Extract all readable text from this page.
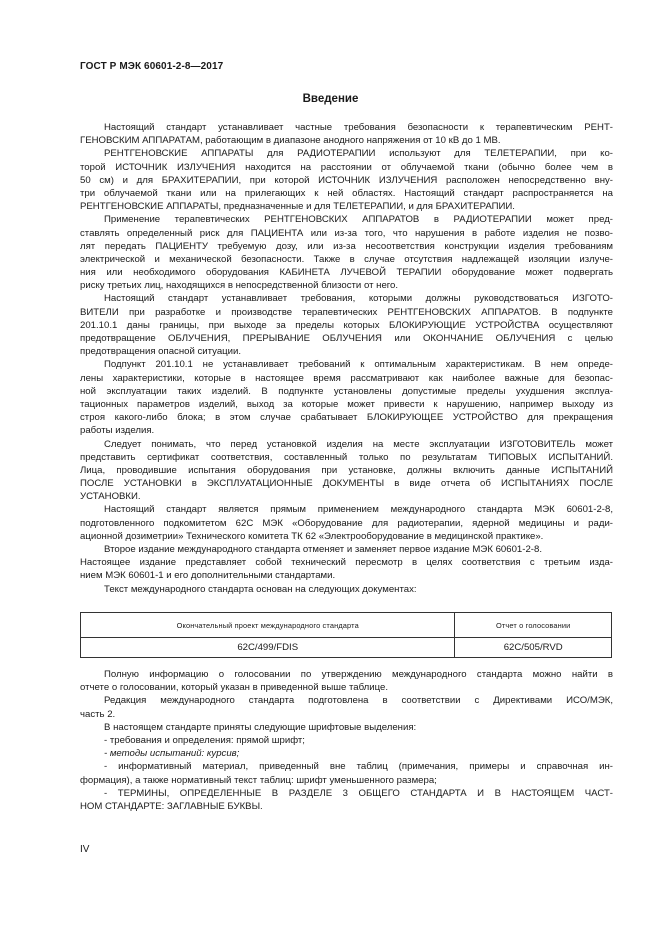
ГОСТ Р МЭК 60601-2-8—2017
Введение
Настоящий стандарт устанавливает частные требования безопасности к терапевтическим РЕНТ-
ГЕНОВСКИМ АППАРАТАМ, работающим в диапазоне анодного напряжения от 10 кВ до 1 МВ.
РЕНТГЕНОВСКИЕ АППАРАТЫ для РАДИОТЕРАПИИ используют для ТЕЛЕТЕРАПИИ, при ко-
торой ИСТОЧНИК ИЗЛУЧЕНИЯ находится на расстоянии от облучаемой ткани (обычно более чем в
50 см) и для БРАХИТЕРАПИИ, при которой ИСТОЧНИК ИЗЛУЧЕНИЯ расположен непосредственно вну-
три облучаемой ткани или на прилегающих к ней областях. Настоящий стандарт распространяется на
РЕНТГЕНОВСКИЕ АППАРАТЫ, предназначенные и для ТЕЛЕТЕРАПИИ, и для БРАХИТЕРАПИИ.
Применение терапевтических РЕНТГЕНОВСКИХ АППАРАТОВ в РАДИОТЕРАПИИ может пред-
ставлять определенный риск для ПАЦИЕНТА или из-за того, что нарушения в работе изделия не позво-
лят передать ПАЦИЕНТУ требуемую дозу, или из-за несоответствия конструкции изделия требованиям
электрической и механической безопасности. Также в случае отсутствия надлежащей изоляции излуче-
ния или необходимого оборудования КАБИНЕТА ЛУЧЕВОЙ ТЕРАПИИ оборудование может подвергать
риску третьих лиц, находящихся в непосредственной близости от него.
Настоящий стандарт устанавливает требования, которыми должны руководствоваться ИЗГОТО-
ВИТЕЛИ при разработке и производстве терапевтических РЕНТГЕНОВСКИХ АППАРАТОВ. В подпункте
201.10.1 даны границы, при выходе за пределы которых БЛОКИРУЮЩИЕ УСТРОЙСТВА осуществляют
предотвращение ОБЛУЧЕНИЯ, ПРЕРЫВАНИЕ ОБЛУЧЕНИЯ или ОКОНЧАНИЕ ОБЛУЧЕНИЯ с целью
предотвращения опасной ситуации.
Подпункт 201.10.1 не устанавливает требований к оптимальным характеристикам. В нем опреде-
лены характеристики, которые в настоящее время рассматривают как наиболее важные для безопас-
ной эксплуатации таких изделий. В подпункте установлены допустимые пределы ухудшения эксплуа-
тационных параметров изделий, выход за которые может привести к нарушению, например выходу из
строя какого-либо блока; в этом случае срабатывает БЛОКИРУЮЩЕЕ УСТРОЙСТВО для прекращения
работы изделия.
Следует понимать, что перед установкой изделия на месте эксплуатации ИЗГОТОВИТЕЛЬ может
представить сертификат соответствия, составленный только по результатам ТИПОВЫХ ИСПЫТАНИЙ.
Лица, проводившие испытания оборудования при установке, должны включить данные ИСПЫТАНИЙ
ПОСЛЕ УСТАНОВКИ в ЭКСПЛУАТАЦИОННЫЕ ДОКУМЕНТЫ в виде отчета об ИСПЫТАНИЯХ ПОСЛЕ
УСТАНОВКИ.
Настоящий стандарт является прямым применением международного стандарта МЭК 60601-2-8,
подготовленного подкомитетом 62С МЭК «Оборудование для радиотерапии, ядерной медицины и ради-
ационной дозиметрии» Технического комитета ТК 62 «Электрооборудование в медицинской практике».
Второе издание международного стандарта отменяет и заменяет первое издание МЭК 60601-2-8.
Настоящее издание представляет собой технический пересмотр в целях соответствия с третьим изда-
нием МЭК 60601-1 и его дополнительными стандартами.
Текст международного стандарта основан на следующих документах:
Окончательный проект международного стандарта	Отчет о голосовании
62С/499/FDIS	62С/505/RVD
Полную информацию о голосовании по утверждению международного стандарта можно найти в
отчете о голосовании, который указан в приведенной выше таблице.
Редакция международного стандарта подготовлена в соответствии с Директивами ИСО/МЭК,
часть 2.
В настоящем стандарте приняты следующие шрифтовые выделения:
- требования и определения: прямой шрифт;
- методы испытаний: курсив;
- информативный материал, приведенный вне таблиц (примечания, примеры и справочная ин-
формация), а также нормативный текст таблиц: шрифт уменьшенного размера;
- ТЕРМИНЫ, ОПРЕДЕЛЕННЫЕ В РАЗДЕЛЕ 3 ОБЩЕГО СТАНДАРТА И В НАСТОЯЩЕМ ЧАСТ-
НОМ СТАНДАРТЕ: ЗАГЛАВНЫЕ БУКВЫ.
IV
